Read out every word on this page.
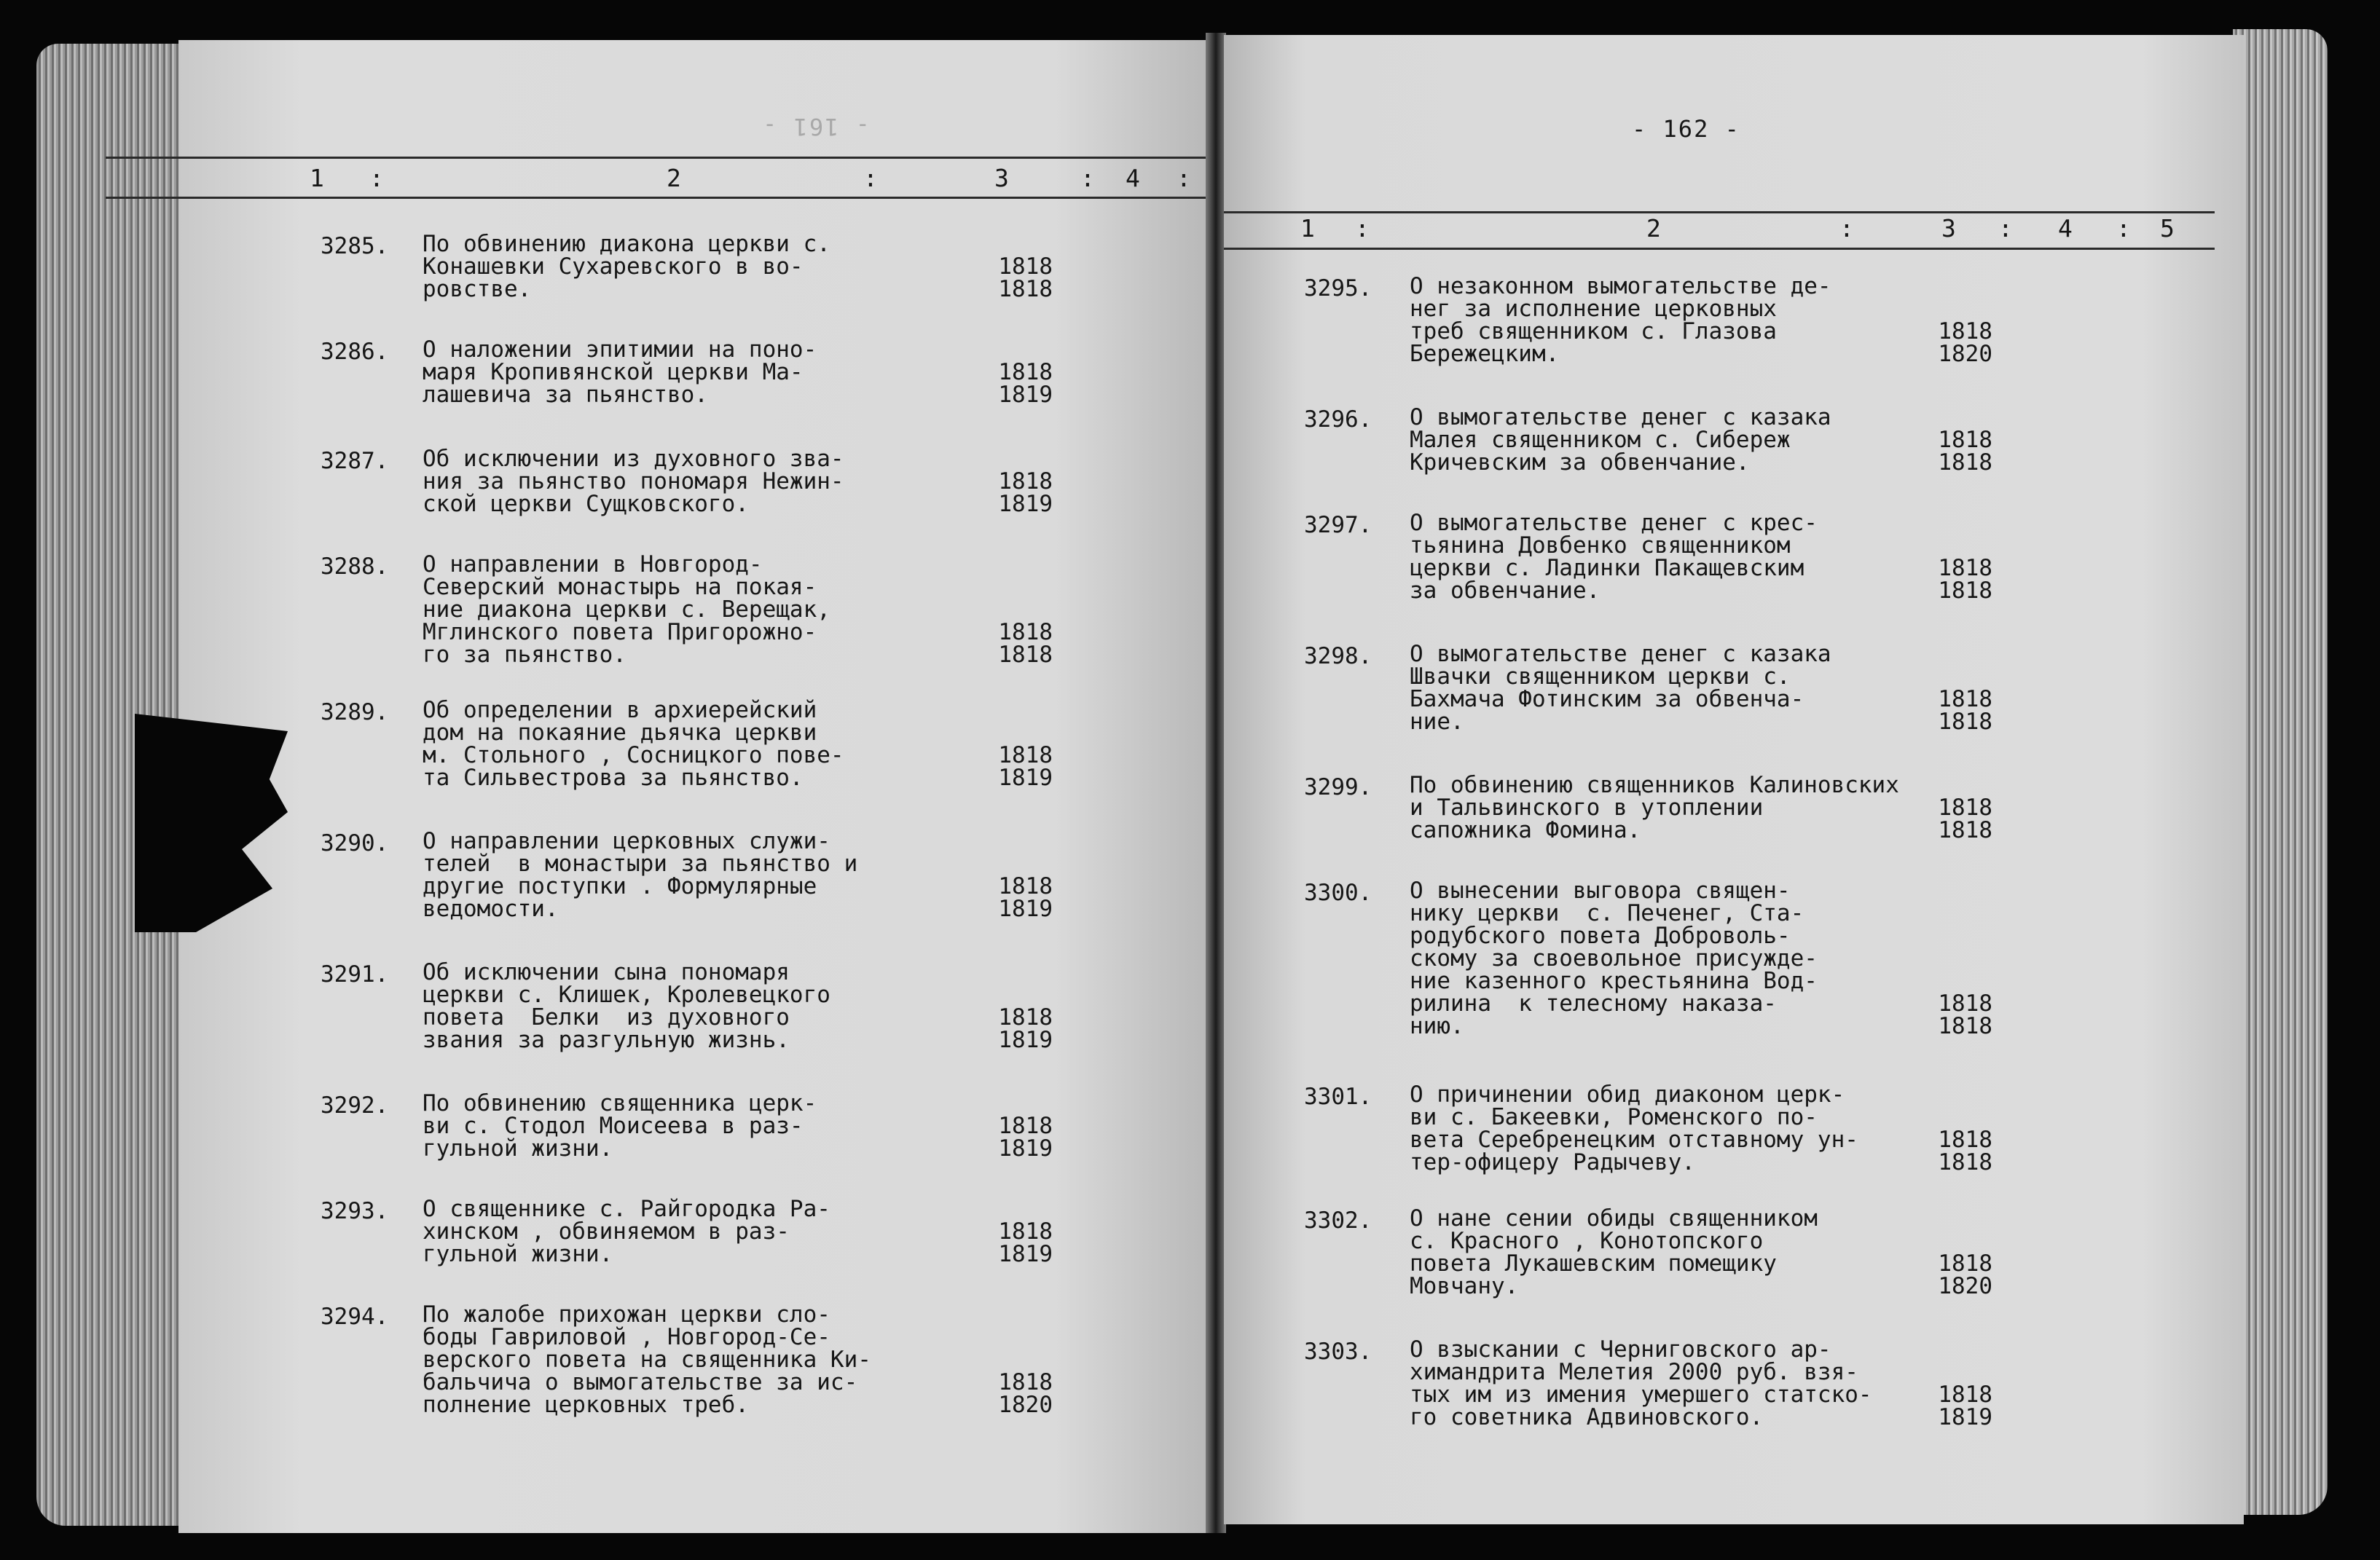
- 161 -
1 :	2	:	3	: 4 :
3285. По обвинению диакона церкви с.
Конашевки Сухаревского в во-
ровстве.
1818
1818
3286. О наложении эпитимии на поно-
маря Кропивянской церкви Ма-
лашевича за пьянство.
1818
1819
3287. Об исключении из духовного зва-
ния за пьянство пономаря Нежин-
ской церкви Сущковского.
1818
1819
3288. О направлении в Новгород-
Северский монастырь на покая-
ние диакона церкви с. Верещак,
Мглинского повета Пригорожно-
го за пьянство.
1818
1818
3289. Об определении в архиерейский
дом на покаяние дьячка церкви
м. Стольного , Сосницкого пове-
та Сильвестрова за пьянство.
1818
1819
3290. О направлении церковных служи-
телей  в монастыри за пьянство и
другие поступки . Формулярные
ведомости.
1818
1819
3291. Об исключении сына пономаря
церкви с. Клишек, Кролевецкого
повета  Белки  из духовного
звания за разгульную жизнь.
1818
1819
3292. По обвинению священника церк-
ви с. Стодол Моисеева в раз-
гульной жизни.
1818
1819
3293. О священнике с. Райгородка Ра-
хинском , обвиняемом в раз-
гульной жизни.
1818
1819
3294. По жалобе прихожан церкви сло-
боды Гавриловой , Новгород-Се-
верского повета на священника Ки-
бальчича о вымогательстве за ис-
полнение церковных треб.
1818
1820
- 162 -
1 :	2	:	3 : 4 : 5
3295. О незаконном вымогательстве де-
нег за исполнение церковных
треб священником с. Глазова
Бережецким.
1818
1820
3296. О вымогательстве денег с казака
Малея священником с. Сибереж
Кричевским за обвенчание.
1818
1818
3297. О вымогательстве денег с крес-
тьянина Довбенко священником
церкви с. Ладинки Пакащевским
за обвенчание.
1818
1818
3298. О вымогательстве денег с казака
Швачки священником церкви с.
Бахмача Фотинским за обвенча-
ние.
1818
1818
3299. По обвинению священников Калиновских
и Тальвинского в утоплении
сапожника Фомина.
1818
1818
3300. О вынесении выговора священ-
нику церкви  с. Печенег, Ста-
родубского повета Доброволь-
скому за своевольное присужде-
ние казенного крестьянина Вод-
рилина  к телесному наказа-
нию.
1818
1818
3301. О причинении обид диаконом церк-
ви с. Бакеевки, Роменского по-
вета Серебренецким отставному ун-
тер-офицеру Радычеву.
1818
1818
3302. О нане сении обиды священником
с. Красного , Конотопского
повета Лукашевским помещику
Мовчану.
1818
1820
3303. О взыскании с Черниговского ар-
химандрита Мелетия 2000 руб. взя-
тых им из имения умершего статско-
го советника Адвиновского.
1818
1819
